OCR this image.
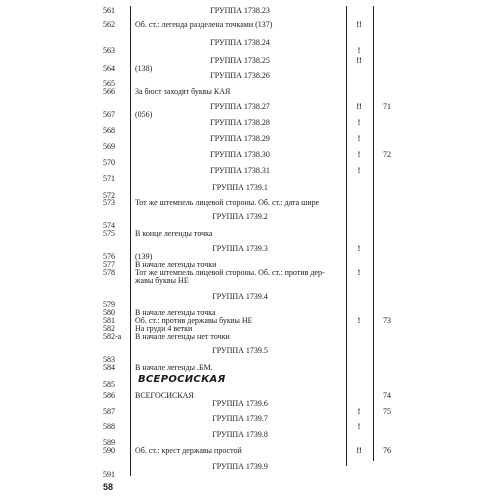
561	ГРУППА 1738.23
562	Об. ст.: легенда разделена точками (137)	!!
ГРУППА 1738.24
563	!
ГРУППА 1738.25	!!
564	(138)
ГРУППА 1738.26
565
566	За бюст заходят буквы КАЯ
ГРУППА 1738.27	!!	71
567	(056)
ГРУППА 1738.28	!
568
ГРУППА 1738.29	!
569
ГРУППА 1738.30	!	72
570
ГРУППА 1738.31	!
571
ГРУППА 1739.1
572
573	Тот же штемпель лицевой стороны. Об. ст.: дата шире
ГРУППА 1739.2
574
575	В конце легенды точка
ГРУППА 1739.3	!
576	(139)
577	В начале легенды точки
578	Тот же штемпель лицевой стороны. Об. ст.: против дер-	!
жавы буквы НЕ
ГРУППА 1739.4
579
580	В начале легенды точка
581	Об. ст.: против державы буквы НЕ	!	73
582	На груди 4 ветки
582-а	В начале легенды нет точки
ГРУППА 1739.5
583
584	В начале легенды .БМ.
585
586	ВСЕГОСИСКАЯ	74
ГРУППА 1739.6
587	!	75
ГРУППА 1739.7
588	!
ГРУППА 1739.8
589
590	Об. ст.: крест державы простой	!!	76
ГРУППА 1739.9
591
ВСЕРОСИСКАЯ
58
